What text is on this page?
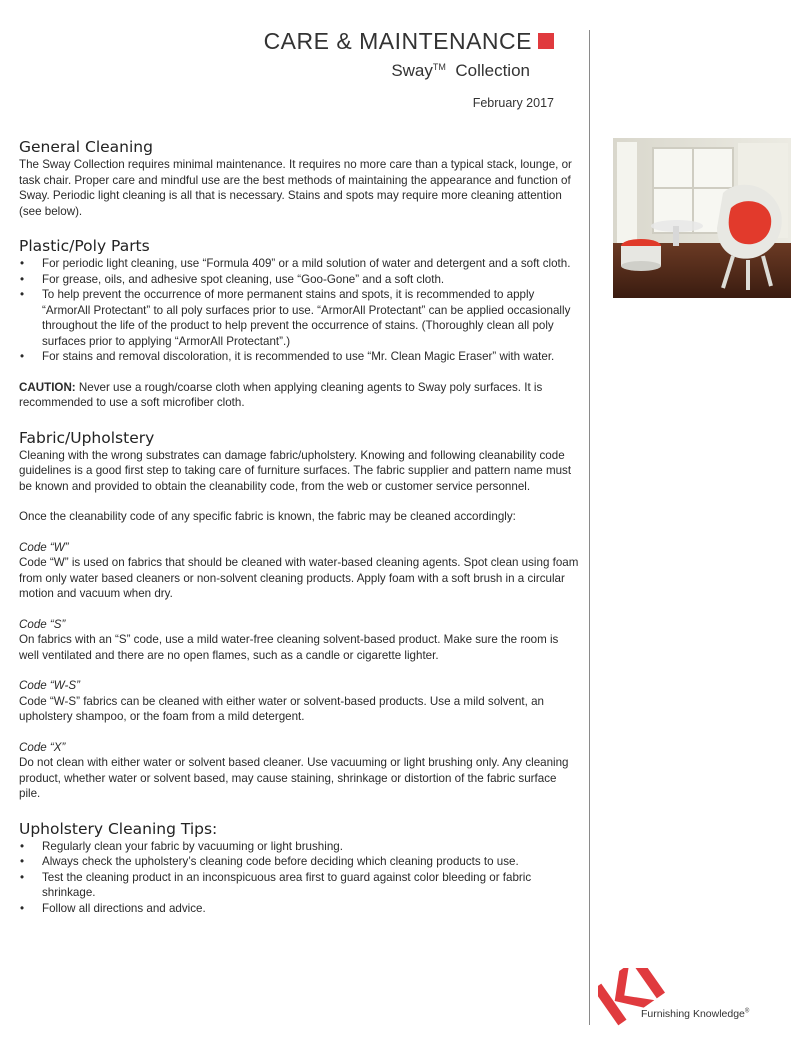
CARE & MAINTENANCE
Sway™ Collection
February 2017
General Cleaning

The Sway Collection requires minimal maintenance. It requires no more care than a typical stack, lounge, or task chair. Proper care and mindful use are the best methods of maintaining the appearance and function of Sway. Periodic light cleaning is all that is necessary. Stains and spots may require more cleaning attention (see below).

Plastic/Poly Parts
• For periodic light cleaning, use “Formula 409” or a mild solution of water and detergent and a soft cloth.
• For grease, oils, and adhesive spot cleaning, use “Goo-Gone” and a soft cloth.
• To help prevent the occurrence of more permanent stains and spots, it is recommended to apply “ArmorAll Protectant” to all poly surfaces prior to use. “ArmorAll Protectant” can be applied occasionally throughout the life of the product to help prevent the occurrence of stains. (Thoroughly clean all poly surfaces prior to applying “ArmorAll Protectant”.)
• For stains and removal discoloration, it is recommended to use “Mr. Clean Magic Eraser” with water.

CAUTION: Never use a rough/coarse cloth when applying cleaning agents to Sway poly surfaces. It is recommended to use a soft microfiber cloth.

Fabric/Upholstery

Cleaning with the wrong substrates can damage fabric/upholstery. Knowing and following cleanability code guidelines is a good first step to taking care of furniture surfaces. The fabric supplier and pattern name must be known and provided to obtain the cleanability code, from the web or customer service personnel.

Once the cleanability code of any specific fabric is known, the fabric may be cleaned accordingly:

Code “W”

Code “W” is used on fabrics that should be cleaned with water-based cleaning agents. Spot clean using foam from only water based cleaners or non-solvent cleaning products. Apply foam with a soft brush in a circular motion and vacuum when dry.

Code “S”

On fabrics with an “S” code, use a mild water-free cleaning solvent-based product. Make sure the room is well ventilated and there are no open flames, such as a candle or cigarette lighter.

Code “W-S”

Code “W-S” fabrics can be cleaned with either water or solvent-based products. Use a mild solvent, an upholstery shampoo, or the foam from a mild detergent.

Code “X”

Do not clean with either water or solvent based cleaner. Use vacuuming or light brushing only. Any cleaning product, whether water or solvent based, may cause staining, shrinkage or distortion of the fabric surface pile.

Upholstery Cleaning Tips:
• Regularly clean your fabric by vacuuming or light brushing.
• Always check the upholstery’s cleaning code before deciding which cleaning products to use.
• Test the cleaning product in an inconspicuous area first to guard against color bleeding or fabric shrinkage.
• Follow all directions and advice.
Furnishing Knowledge®
